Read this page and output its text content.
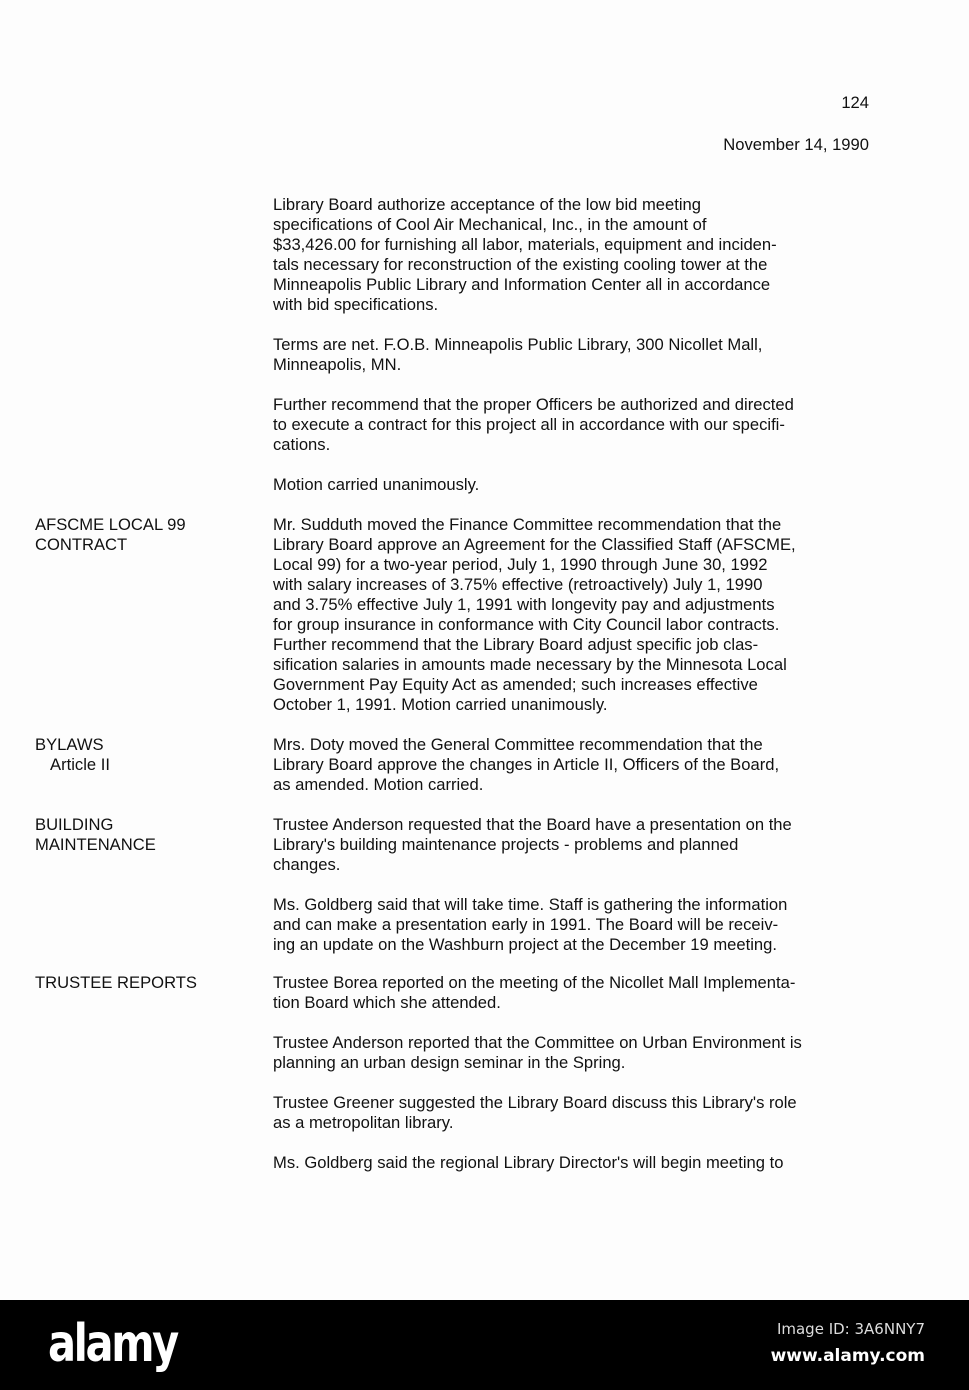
124
November 14, 1990
AFSCME LOCAL 99
CONTRACT
BYLAWS
Article II
BUILDING
MAINTENANCE
TRUSTEE REPORTS
Library Board authorize acceptance of the low bid meeting
specifications of Cool Air Mechanical, Inc., in the amount of
$33,426.00 for furnishing all labor, materials, equipment and inciden-
tals necessary for reconstruction of the existing cooling tower at the
Minneapolis Public Library and Information Center all in accordance
with bid specifications.
Terms are net. F.O.B. Minneapolis Public Library, 300 Nicollet Mall,
Minneapolis, MN.
Further recommend that the proper Officers be authorized and directed
to execute a contract for this project all in accordance with our specifi-
cations.
Motion carried unanimously.
Mr. Sudduth moved the Finance Committee recommendation that the
Library Board approve an Agreement for the Classified Staff (AFSCME,
Local 99) for a two-year period, July 1, 1990 through June 30, 1992
with salary increases of 3.75% effective (retroactively) July 1, 1990
and 3.75% effective July 1, 1991 with longevity pay and adjustments
for group insurance in conformance with City Council labor contracts.
Further recommend that the Library Board adjust specific job clas-
sification salaries in amounts made necessary by the Minnesota Local
Government Pay Equity Act as amended; such increases effective
October 1, 1991. Motion carried unanimously.
Mrs. Doty moved the General Committee recommendation that the
Library Board approve the changes in Article II, Officers of the Board,
as amended. Motion carried.
Trustee Anderson requested that the Board have a presentation on the
Library's building maintenance projects - problems and planned
changes.
Ms. Goldberg said that will take time. Staff is gathering the information
and can make a presentation early in 1991. The Board will be receiv-
ing an update on the Washburn project at the December 19 meeting.
Trustee Borea reported on the meeting of the Nicollet Mall Implementa-
tion Board which she attended.
Trustee Anderson reported that the Committee on Urban Environment is
planning an urban design seminar in the Spring.
Trustee Greener suggested the Library Board discuss this Library's role
as a metropolitan library.
Ms. Goldberg said the regional Library Director's will begin meeting to
alamy	Image ID: 3A6NNY7
www.alamy.com
